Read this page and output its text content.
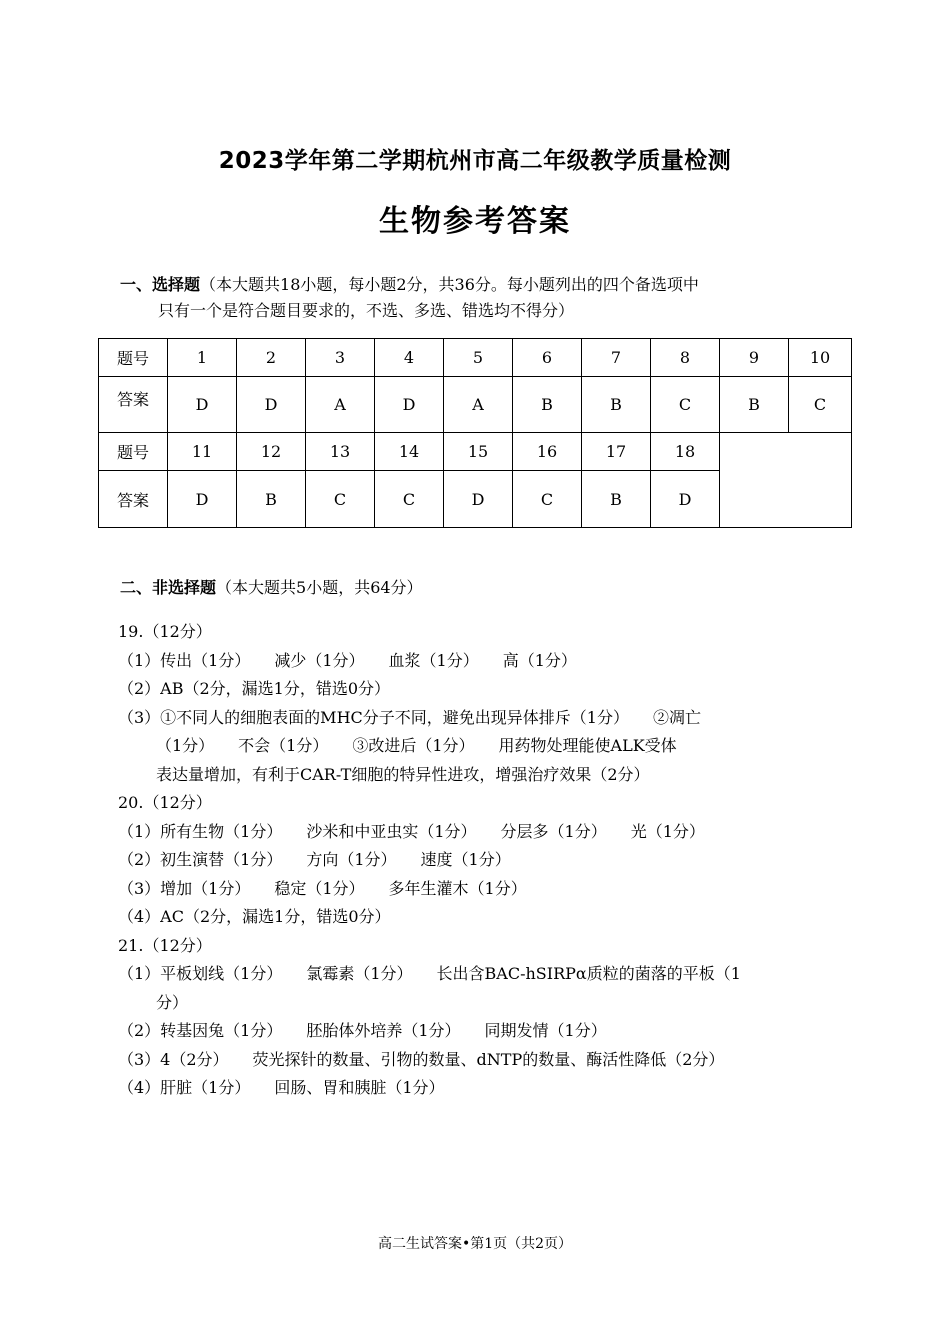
2023学年第二学期杭州市高二年级教学质量检测
生物参考答案
一、选择题（本大题共18小题，每小题2分，共36分。每小题列出的四个备选项中
只有一个是符合题目要求的，不选、多选、错选均不得分）
题号	1	2	3	4	5	6	7	8	9	10
答案	D	D	A	D	A	B	B	C	B	C
题号	11	12	13	14	15	16	17	18		
答案	D	B	C	C	D	C	B	D		
二、非选择题（本大题共5小题，共64分）
19.（12分）
（1）传出（1分）　　减少（1分）　　血浆（1分）　　高（1分）
（2）AB（2分，漏选1分，错选0分）
（3）①不同人的细胞表面的MHC分子不同，避免出现异体排斥（1分）　　②凋亡
（1分）　　不会（1分）　　③改进后（1分）　　用药物处理能使ALK受体
表达量增加，有利于CAR-T细胞的特异性进攻，增强治疗效果（2分）
20.（12分）
（1）所有生物（1分）　　沙米和中亚虫实（1分）　　分层多（1分）　　光（1分）
（2）初生演替（1分）　　方向（1分）　　速度（1分）
（3）增加（1分）　　稳定（1分）　　多年生灌木（1分）
（4）AC（2分，漏选1分，错选0分）
21.（12分）
（1）平板划线（1分）　　氯霉素（1分）　　长出含BAC-hSIRPα质粒的菌落的平板（1
分）
（2）转基因兔（1分）　　胚胎体外培养（1分）　　同期发情（1分）
（3）4（2分）　　荧光探针的数量、引物的数量、dNTP的数量、酶活性降低（2分）
（4）肝脏（1分）　　回肠、胃和胰脏（1分）
高二生试答案•第1页（共2页）
